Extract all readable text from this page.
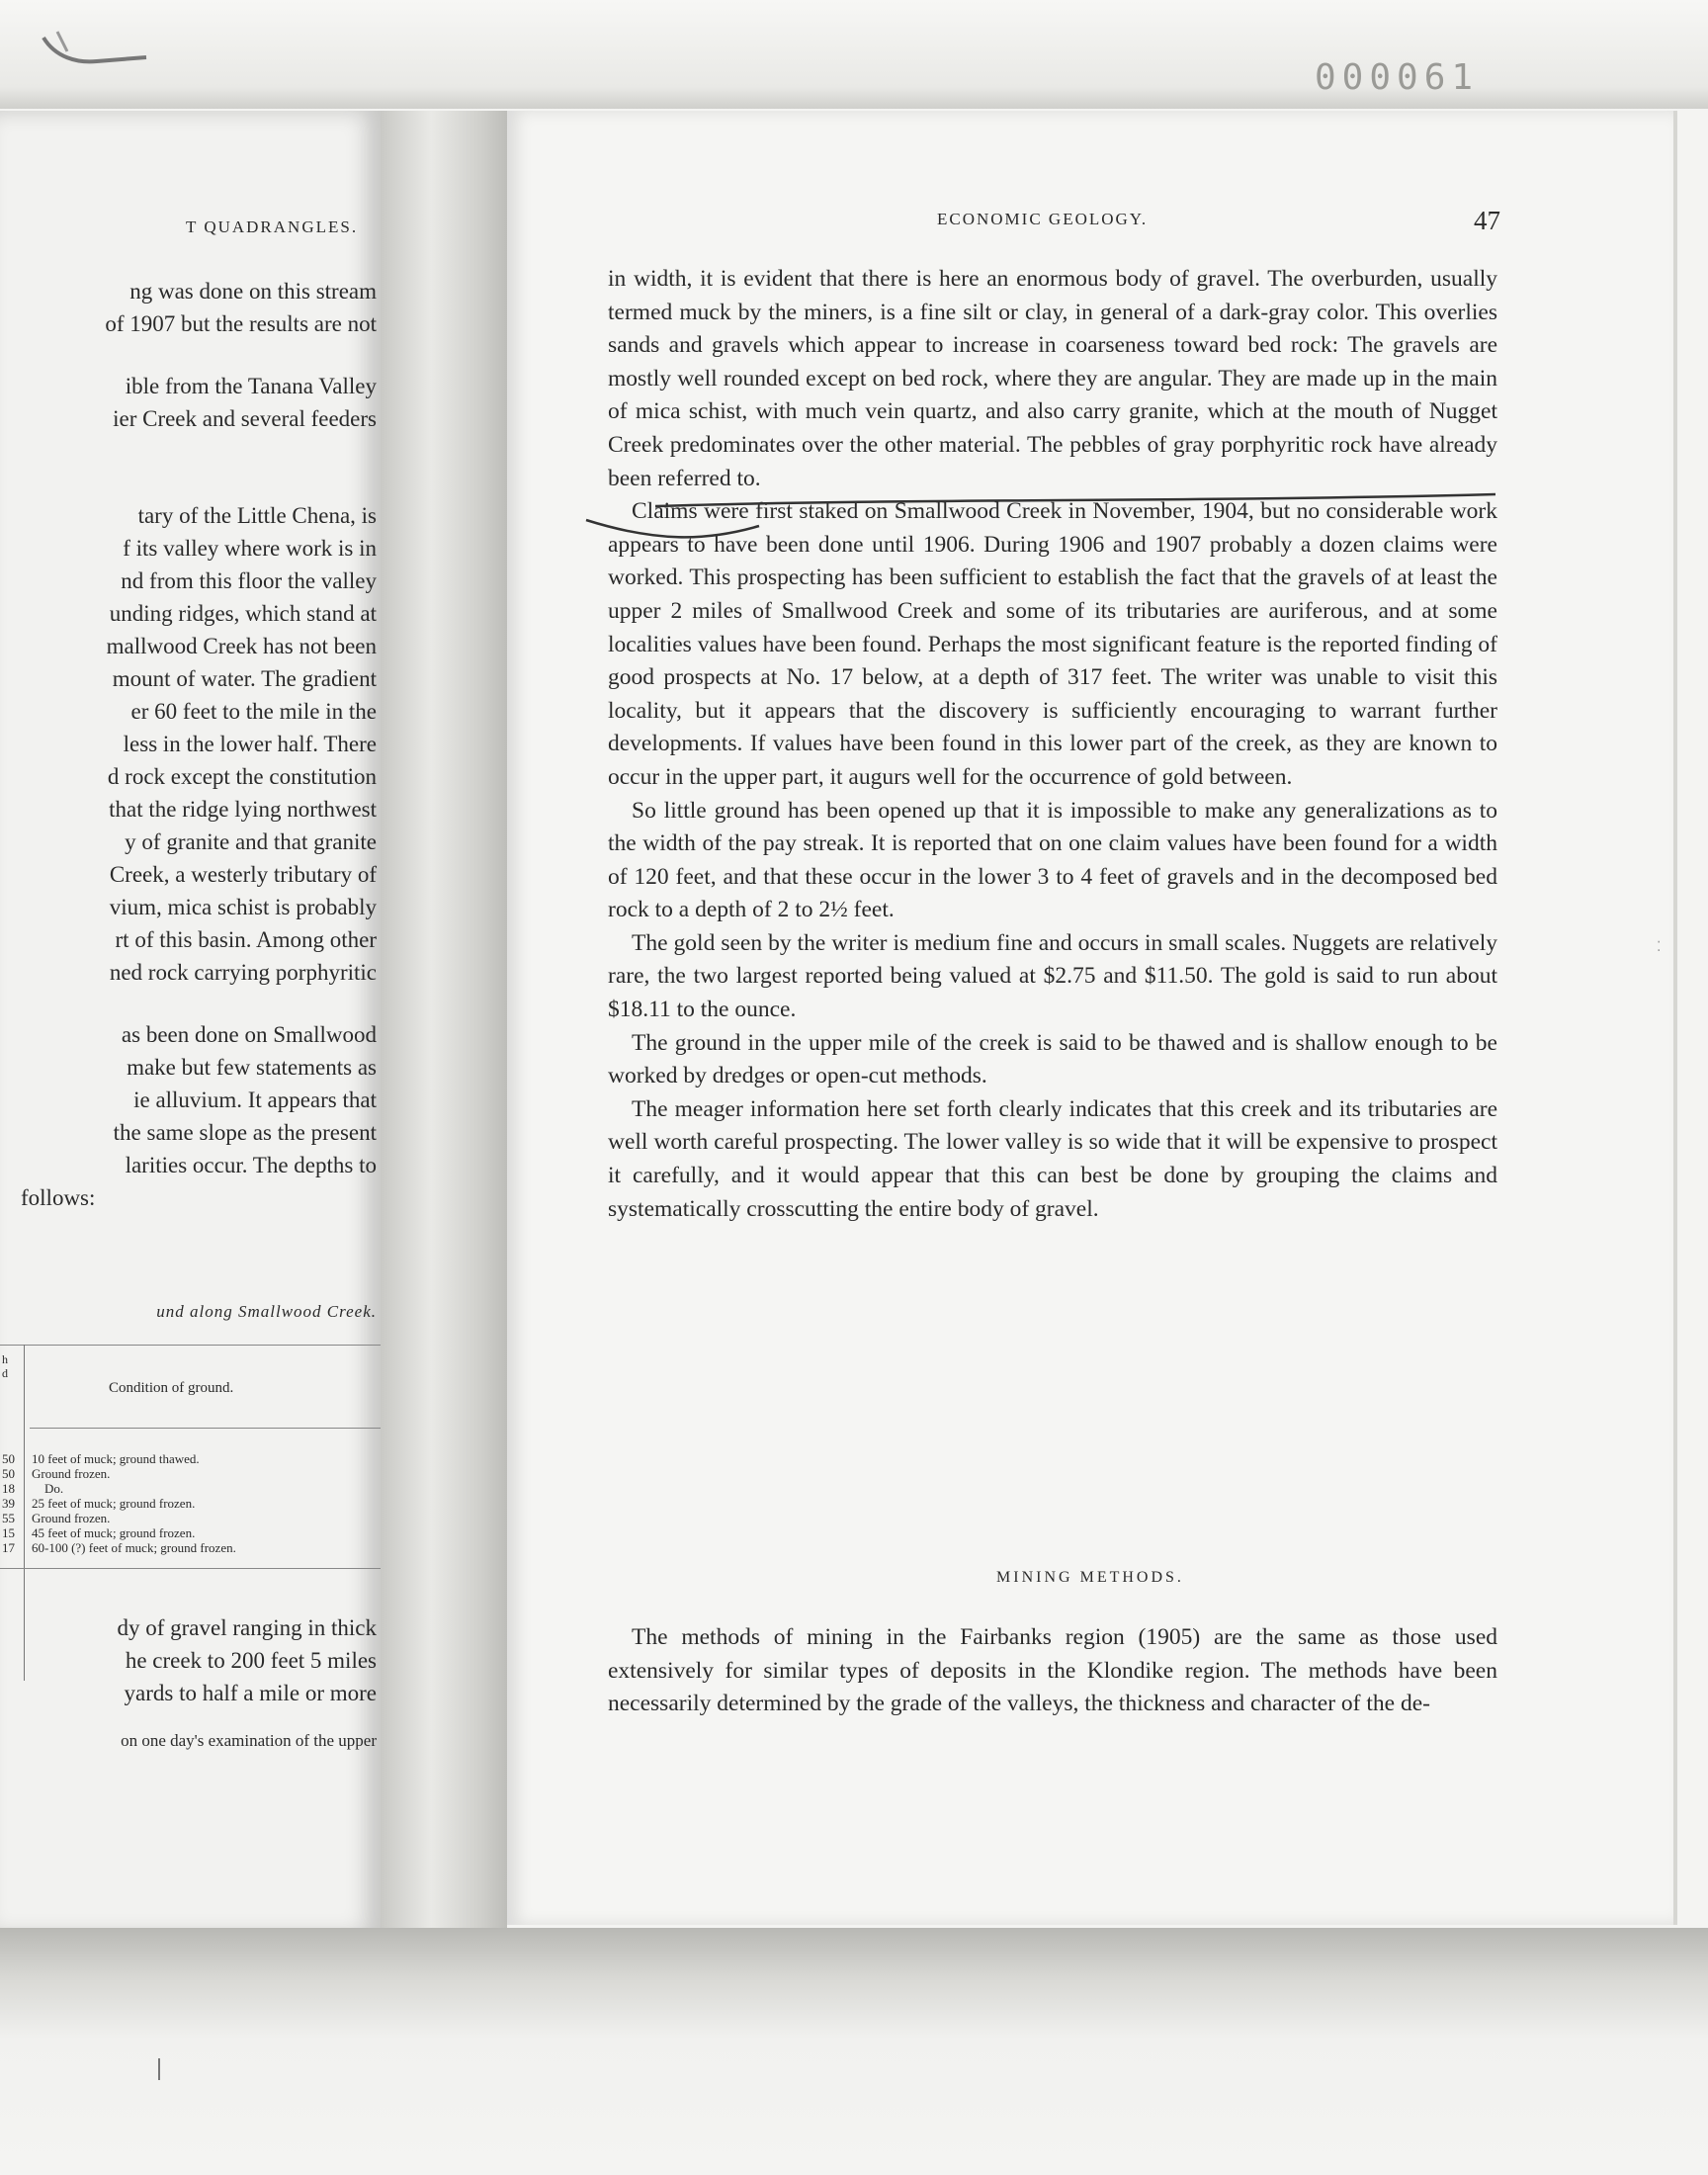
000061
T QUADRANGLES.
ng was done on this stream
of 1907 but the results are not
ible from the Tanana Valley
ier Creek and several feeders
tary of the Little Chena, is
f its valley where work is in
nd from this floor the valley
unding ridges, which stand at
mallwood Creek has not been
mount of water. The gradient
er 60 feet to the mile in the
less in the lower half. There
d rock except the constitution
that the ridge lying northwest
y of granite and that granite
Creek, a westerly tributary of
vium, mica schist is probably
rt of this basin. Among other
ned rock carrying porphyritic
as been done on Smallwood
make but few statements as
ie alluvium. It appears that
the same slope as the present
larities occur. The depths to
follows:
und along Smallwood Creek.
dy of gravel ranging in thick
he creek to 200 feet 5 miles
yards to half a mile or more
on one day's examination of the upper
h
d
Condition of ground.
50
50
18
39
55
15
17
10 feet of muck; ground thawed.
Ground frozen.
Do.
25 feet of muck; ground frozen.
Ground frozen.
45 feet of muck; ground frozen.
60-100 (?) feet of muck; ground frozen.
ECONOMIC GEOLOGY.	47

in width, it is evident that there is here an enormous body of gravel. The overburden, usually termed muck by the miners, is a fine silt or clay, in general of a dark-gray color. This overlies sands and gravels which appear to increase in coarseness toward bed rock: The gravels are mostly well rounded except on bed rock, where they are angular. They are made up in the main of mica schist, with much vein quartz, and also carry granite, which at the mouth of Nugget Creek predominates over the other material. The pebbles of gray porphyritic rock have already been referred to.

Claims were first staked on Smallwood Creek in November, 1904, but no considerable work appears to have been done until 1906. During 1906 and 1907 probably a dozen claims were worked. This prospecting has been sufficient to establish the fact that the gravels of at least the upper 2 miles of Smallwood Creek and some of its tributaries are auriferous, and at some localities values have been found. Perhaps the most significant feature is the reported finding of good prospects at No. 17 below, at a depth of 317 feet. The writer was unable to visit this locality, but it appears that the discovery is sufficiently encouraging to warrant further developments. If values have been found in this lower part of the creek, as they are known to occur in the upper part, it augurs well for the occurrence of gold between.

So little ground has been opened up that it is impossible to make any generalizations as to the width of the pay streak. It is reported that on one claim values have been found for a width of 120 feet, and that these occur in the lower 3 to 4 feet of gravels and in the decomposed bed rock to a depth of 2 to 2½ feet.

The gold seen by the writer is medium fine and occurs in small scales. Nuggets are relatively rare, the two largest reported being valued at $2.75 and $11.50. The gold is said to run about $18.11 to the ounce.

The ground in the upper mile of the creek is said to be thawed and is shallow enough to be worked by dredges or open-cut methods.

The meager information here set forth clearly indicates that this creek and its tributaries are well worth careful prospecting. The lower valley is so wide that it will be expensive to prospect it carefully, and it would appear that this can best be done by grouping the claims and systematically crosscutting the entire body of gravel.

MINING METHODS.

The methods of mining in the Fairbanks region (1905) are the same as those used extensively for similar types of deposits in the Klondike region. The methods have been necessarily determined by the grade of the valleys, the thickness and character of the de-

⁚
